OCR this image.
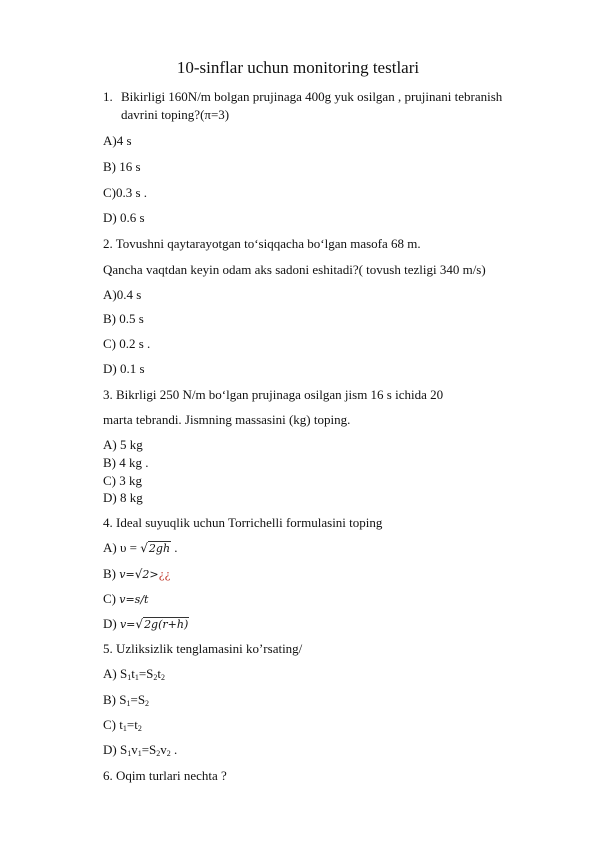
10-sinflar uchun monitoring testlari
1. Bikirligi 160N/m bolgan prujinaga 400g yuk osilgan , prujinani tebranish
davrini toping?(π=3)
A)4 s
B) 16 s
C)0.3 s .
D) 0.6 s
2. Tovushni qaytarayotgan to‘siqqacha bo‘lgan masofa 68 m.
Qancha vaqtdan keyin odam aks sadoni eshitadi?( tovush tezligi 340 m/s)
A)0.4 s
B) 0.5 s
C) 0.2 s .
D) 0.1 s
3. Bikrligi 250 N/m bo‘lgan prujinaga osilgan jism 16 s ichida 20
marta tebrandi. Jismning massasini (kg) toping.
A) 5 kg
B) 4 kg .
C) 3 kg
D) 8 kg
4. Ideal suyuqlik uchun Torrichelli formulasini toping
A) υ = √2gh .
B) v=√2>¿¿
C) v=s/t
D) v=√2g(r+h)
5. Uzliksizlik tenglamasini ko’rsating/
A) $S_1t_1=S_2t_2$
B) $S_1=S_2$
C) $t_1=t_2$
D) $S_1v_1=S_2v_2$ .
6. Oqim turlari nechta ?
